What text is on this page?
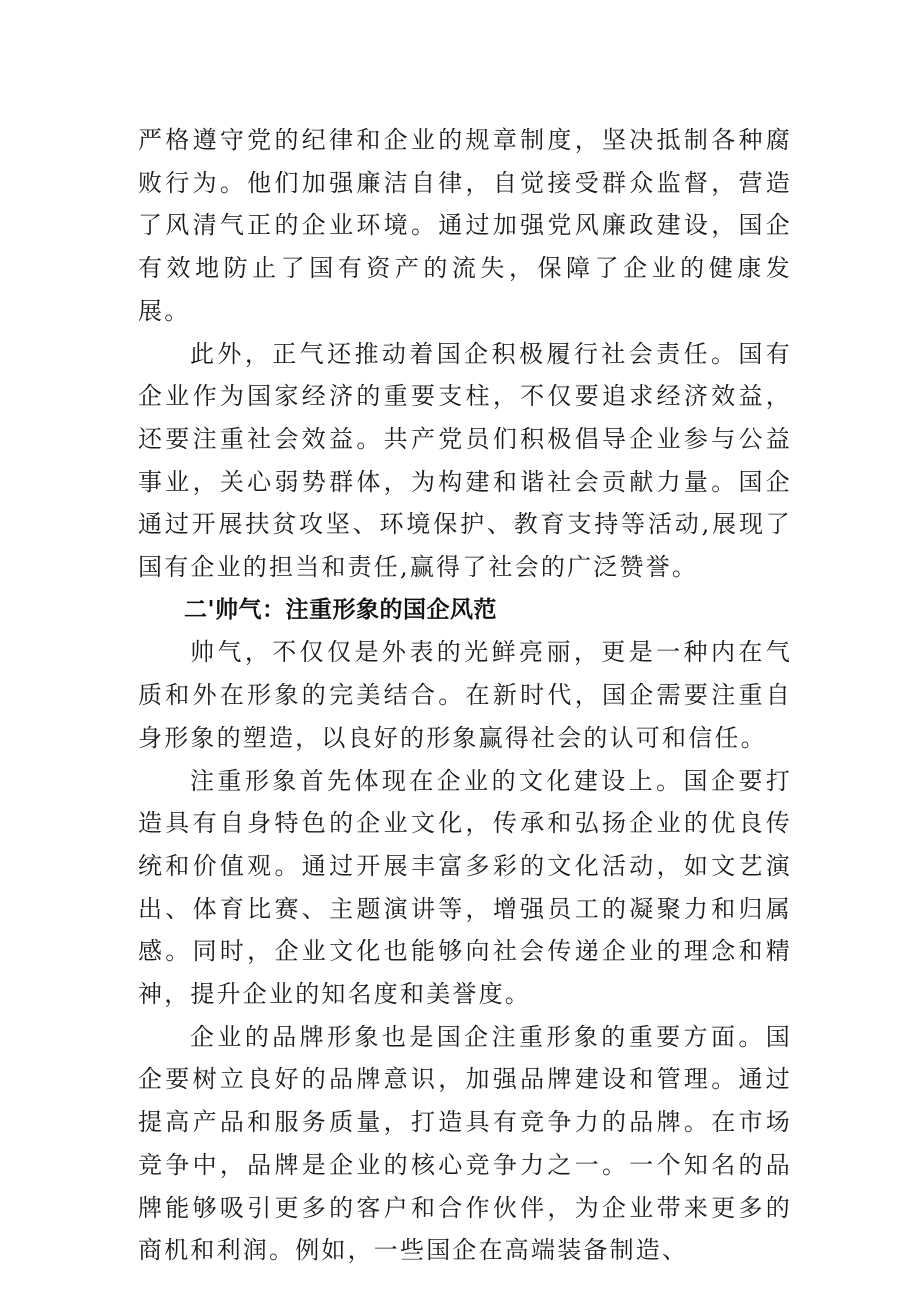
严格遵守党的纪律和企业的规章制度，坚决抵制各种腐败行为。他们加强廉洁自律，自觉接受群众监督，营造了风清气正的企业环境。通过加强党风廉政建设，国企有效地防止了国有资产的流失，保障了企业的健康发展。

此外，正气还推动着国企积极履行社会责任。国有企业作为国家经济的重要支柱，不仅要追求经济效益，还要注重社会效益。共产党员们积极倡导企业参与公益事业，关心弱势群体，为构建和谐社会贡献力量。国企通过开展扶贫攻坚、环境保护、教育支持等活动,展现了国有企业的担当和责任,赢得了社会的广泛赞誉。

二'帅气：注重形象的国企风范

帅气，不仅仅是外表的光鲜亮丽，更是一种内在气质和外在形象的完美结合。在新时代，国企需要注重自身形象的塑造，以良好的形象赢得社会的认可和信任。

注重形象首先体现在企业的文化建设上。国企要打造具有自身特色的企业文化，传承和弘扬企业的优良传统和价值观。通过开展丰富多彩的文化活动，如文艺演出、体育比赛、主题演讲等，增强员工的凝聚力和归属感。同时，企业文化也能够向社会传递企业的理念和精神，提升企业的知名度和美誉度。

企业的品牌形象也是国企注重形象的重要方面。国企要树立良好的品牌意识，加强品牌建设和管理。通过提高产品和服务质量，打造具有竞争力的品牌。在市场竞争中，品牌是企业的核心竞争力之一。一个知名的品牌能够吸引更多的客户和合作伙伴，为企业带来更多的商机和利润。例如，一些国企在高端装备制造、
